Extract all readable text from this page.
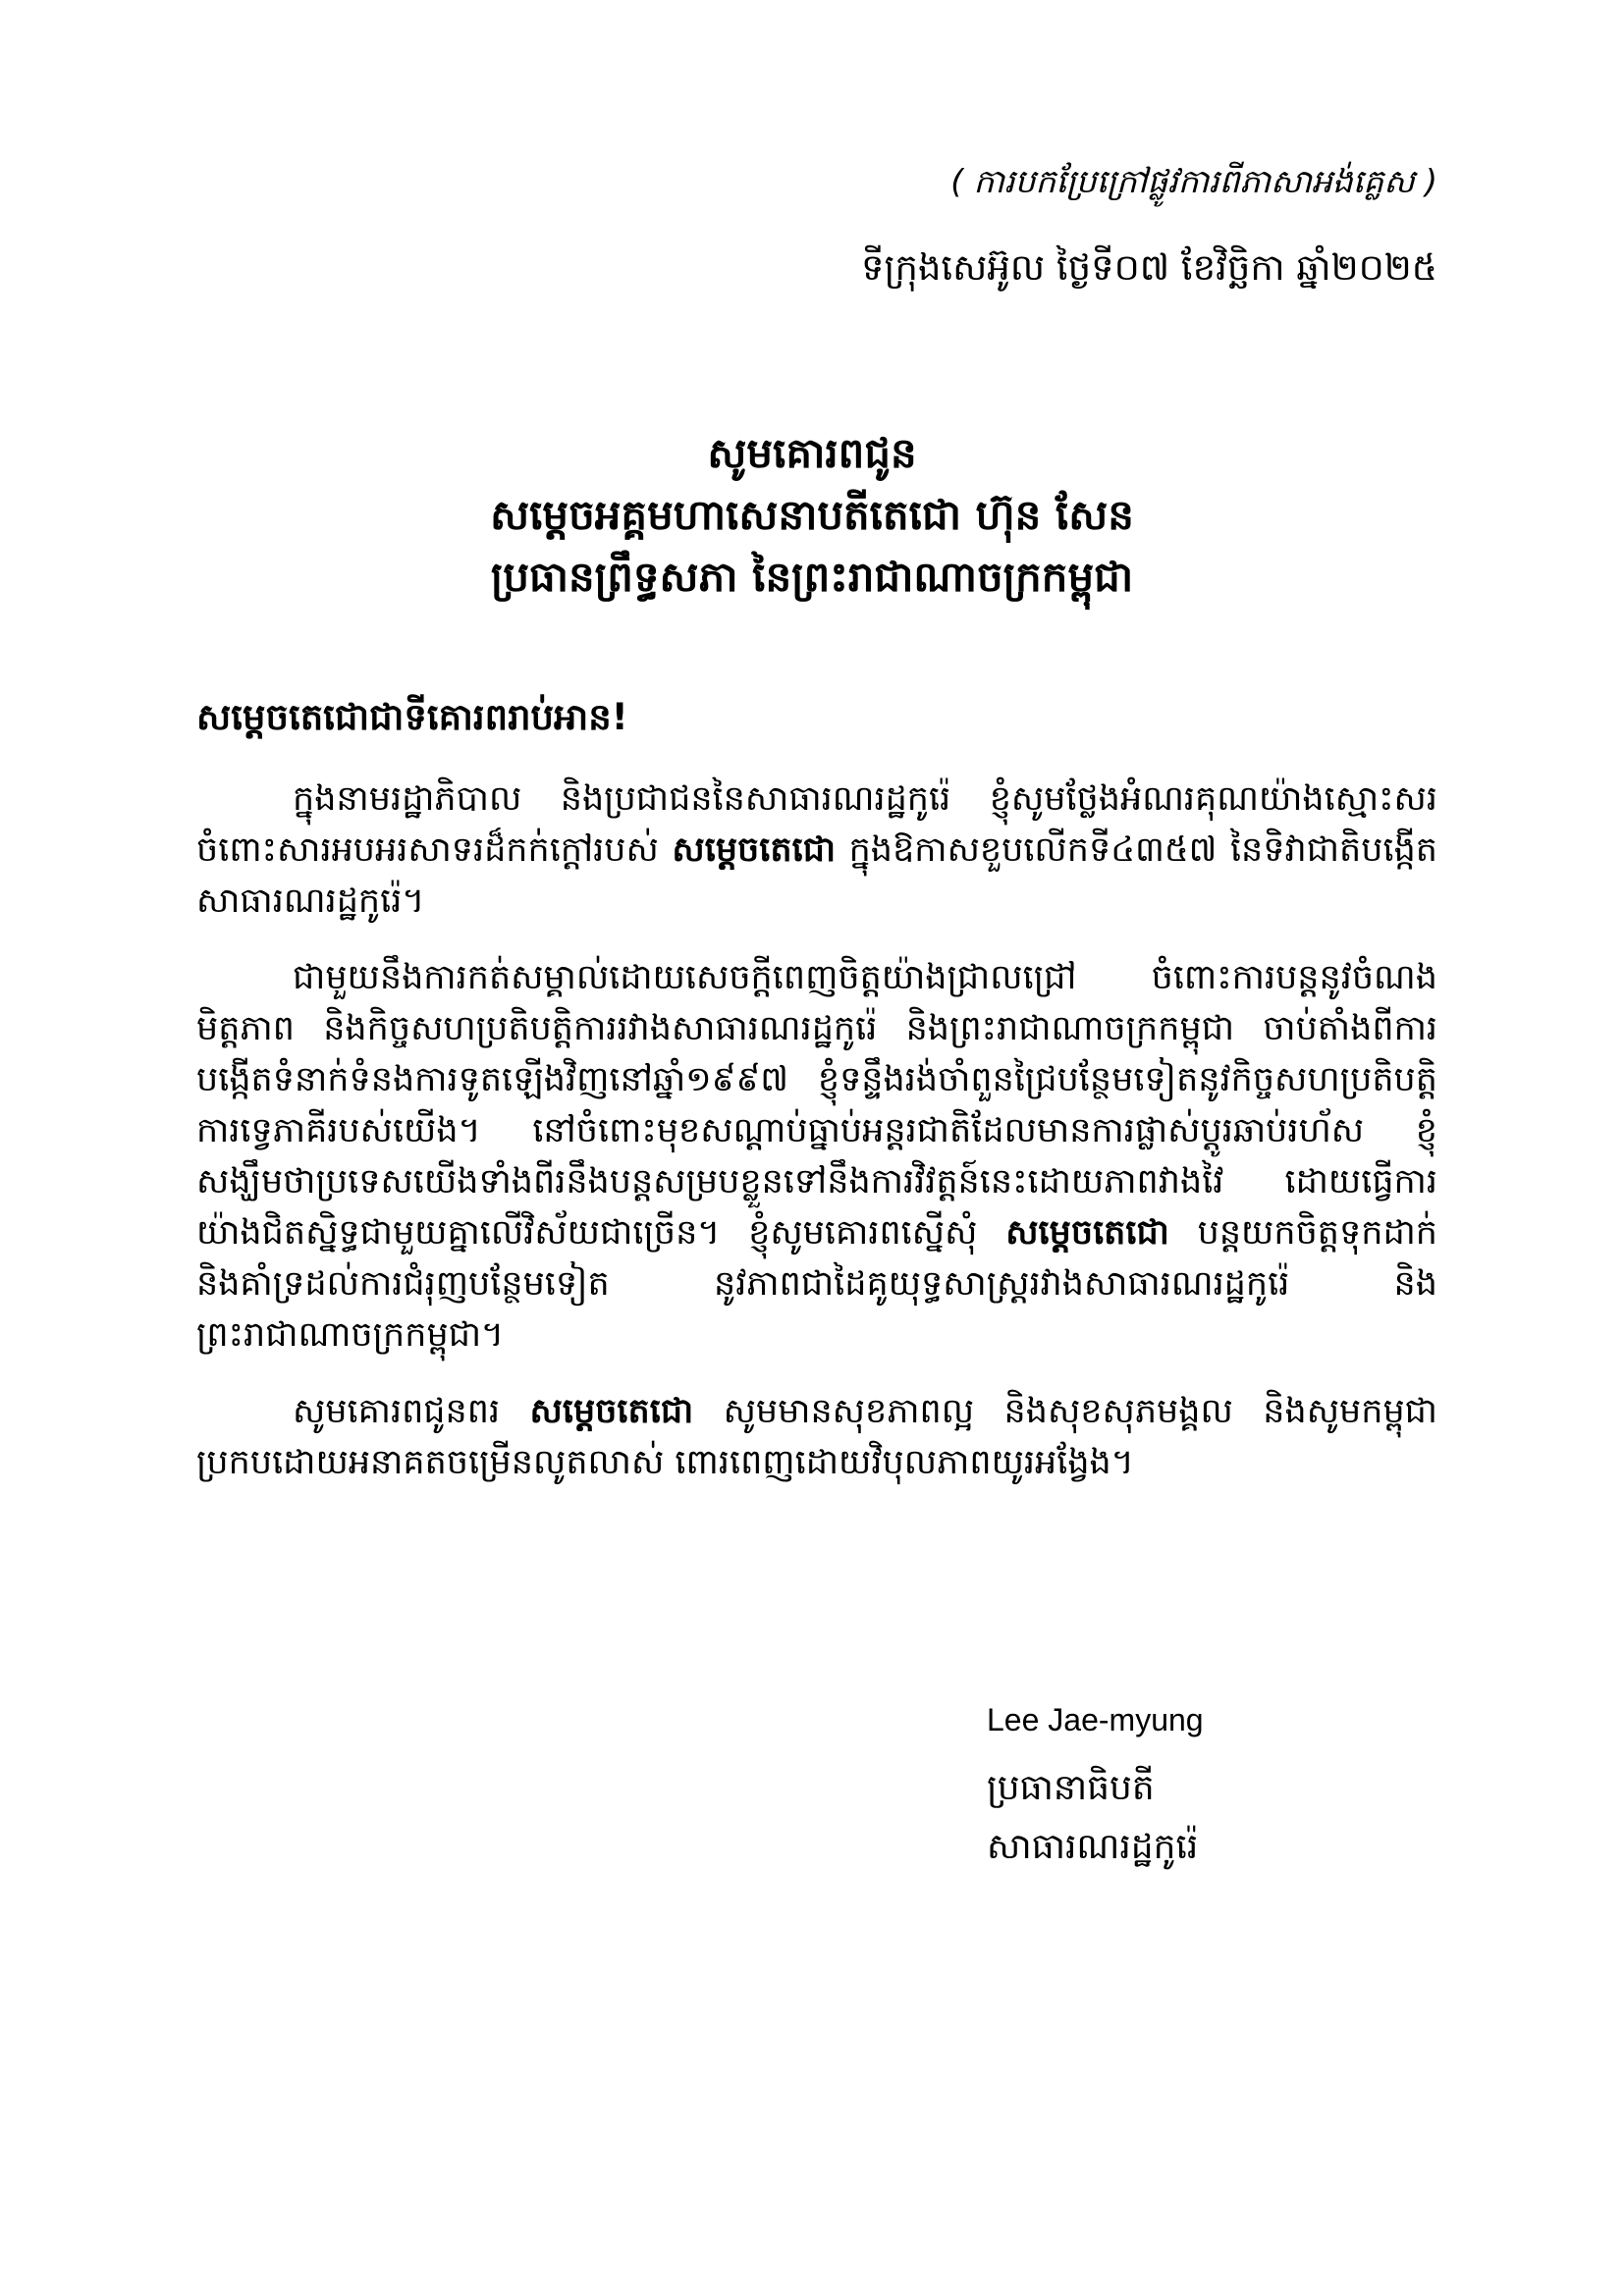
( ការបកប្រែក្រៅផ្លូវការពីភាសាអង់គ្លេស )
ទីក្រុងសេអ៊ូល ថ្ងៃទី០៧ ខែវិច្ឆិកា ឆ្នាំ២០២៥
សូមគោរពជូន
សម្តេចអគ្គមហាសេនាបតីតេជោ ហ៊ុន សែន
ប្រធានព្រឹទ្ធសភា នៃព្រះរាជាណាចក្រកម្ពុជា
សម្តេចតេជោជាទីគោរពរាប់អាន!

ក្នុងនាមរដ្ឋាភិបាល និងប្រជាជននៃសាធារណរដ្ឋកូរ៉េ ខ្ញុំសូមថ្លែងអំណរគុណយ៉ាងស្មោះសរ ចំពោះសារអបអរសាទរដ៏កក់ក្តៅរបស់ សម្តេចតេជោ ក្នុងឱកាសខួបលើកទី៤៣៥៧ នៃទិវាជាតិបង្កើតសាធារណរដ្ឋកូរ៉េ។

ជាមួយនឹងការកត់សម្គាល់ដោយសេចក្តីពេញចិត្តយ៉ាងជ្រាលជ្រៅ ចំពោះការបន្តនូវចំណងមិត្តភាព និងកិច្ចសហប្រតិបត្តិការរវាងសាធារណរដ្ឋកូរ៉េ និងព្រះរាជាណាចក្រកម្ពុជា ចាប់តាំងពីការបង្កើតទំនាក់ទំនងការទូតឡើងវិញនៅឆ្នាំ១៩៩៧ ខ្ញុំទន្ទឹងរង់ចាំពួនជ្រៃបន្ថែមទៀតនូវកិច្ចសហប្រតិបត្តិការទ្វេភាគីរបស់យើង។ នៅចំពោះមុខសណ្តាប់ធ្នាប់អន្តរជាតិដែលមានការផ្លាស់ប្តូរឆាប់រហ័ស ខ្ញុំសង្ឃឹមថាប្រទេសយើងទាំងពីរនឹងបន្តសម្របខ្លួនទៅនឹងការវិវត្តន៍នេះដោយភាពវាងវៃ ដោយធ្វើការ យ៉ាងជិតស្និទ្ធជាមួយគ្នាលើវិស័យជាច្រើន។ ខ្ញុំសូមគោរពស្នើសុំ សម្តេចតេជោ បន្តយកចិត្តទុកដាក់ និងគាំទ្រដល់ការជំរុញបន្ថែមទៀត នូវភាពជាដៃគូយុទ្ធសាស្ត្ររវាងសាធារណរដ្ឋកូរ៉េ និងព្រះរាជាណាចក្រកម្ពុជា។

សូមគោរពជូនពរ សម្តេចតេជោ សូមមានសុខភាពល្អ និងសុខសុភមង្គល និងសូមកម្ពុជាប្រកបដោយអនាគតចម្រើនលូតលាស់ ពោរពេញដោយវិបុលភាពយូរអង្វែង។

Lee Jae-myung
ប្រធានាធិបតី
សាធារណរដ្ឋកូរ៉េ
